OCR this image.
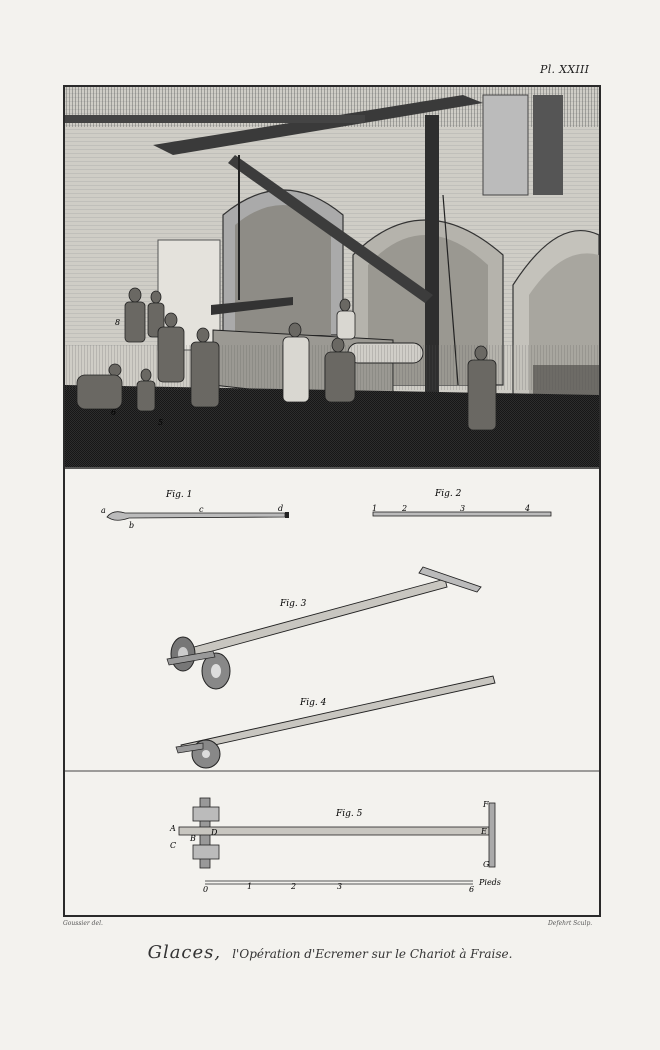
Pl. XXIII
8
6
5
Fig. 1
a
b
c	d
Fig. 2
1	2	3	4
Fig. 3
Fig. 4
Fig. 5
A
B
C
D	E
F
G
0	1	2	3	6
Pieds
Goussier del.	Defehrt Sculp.
Glaces, l'Opération d'Ecremer sur le Chariot à Fraise.
